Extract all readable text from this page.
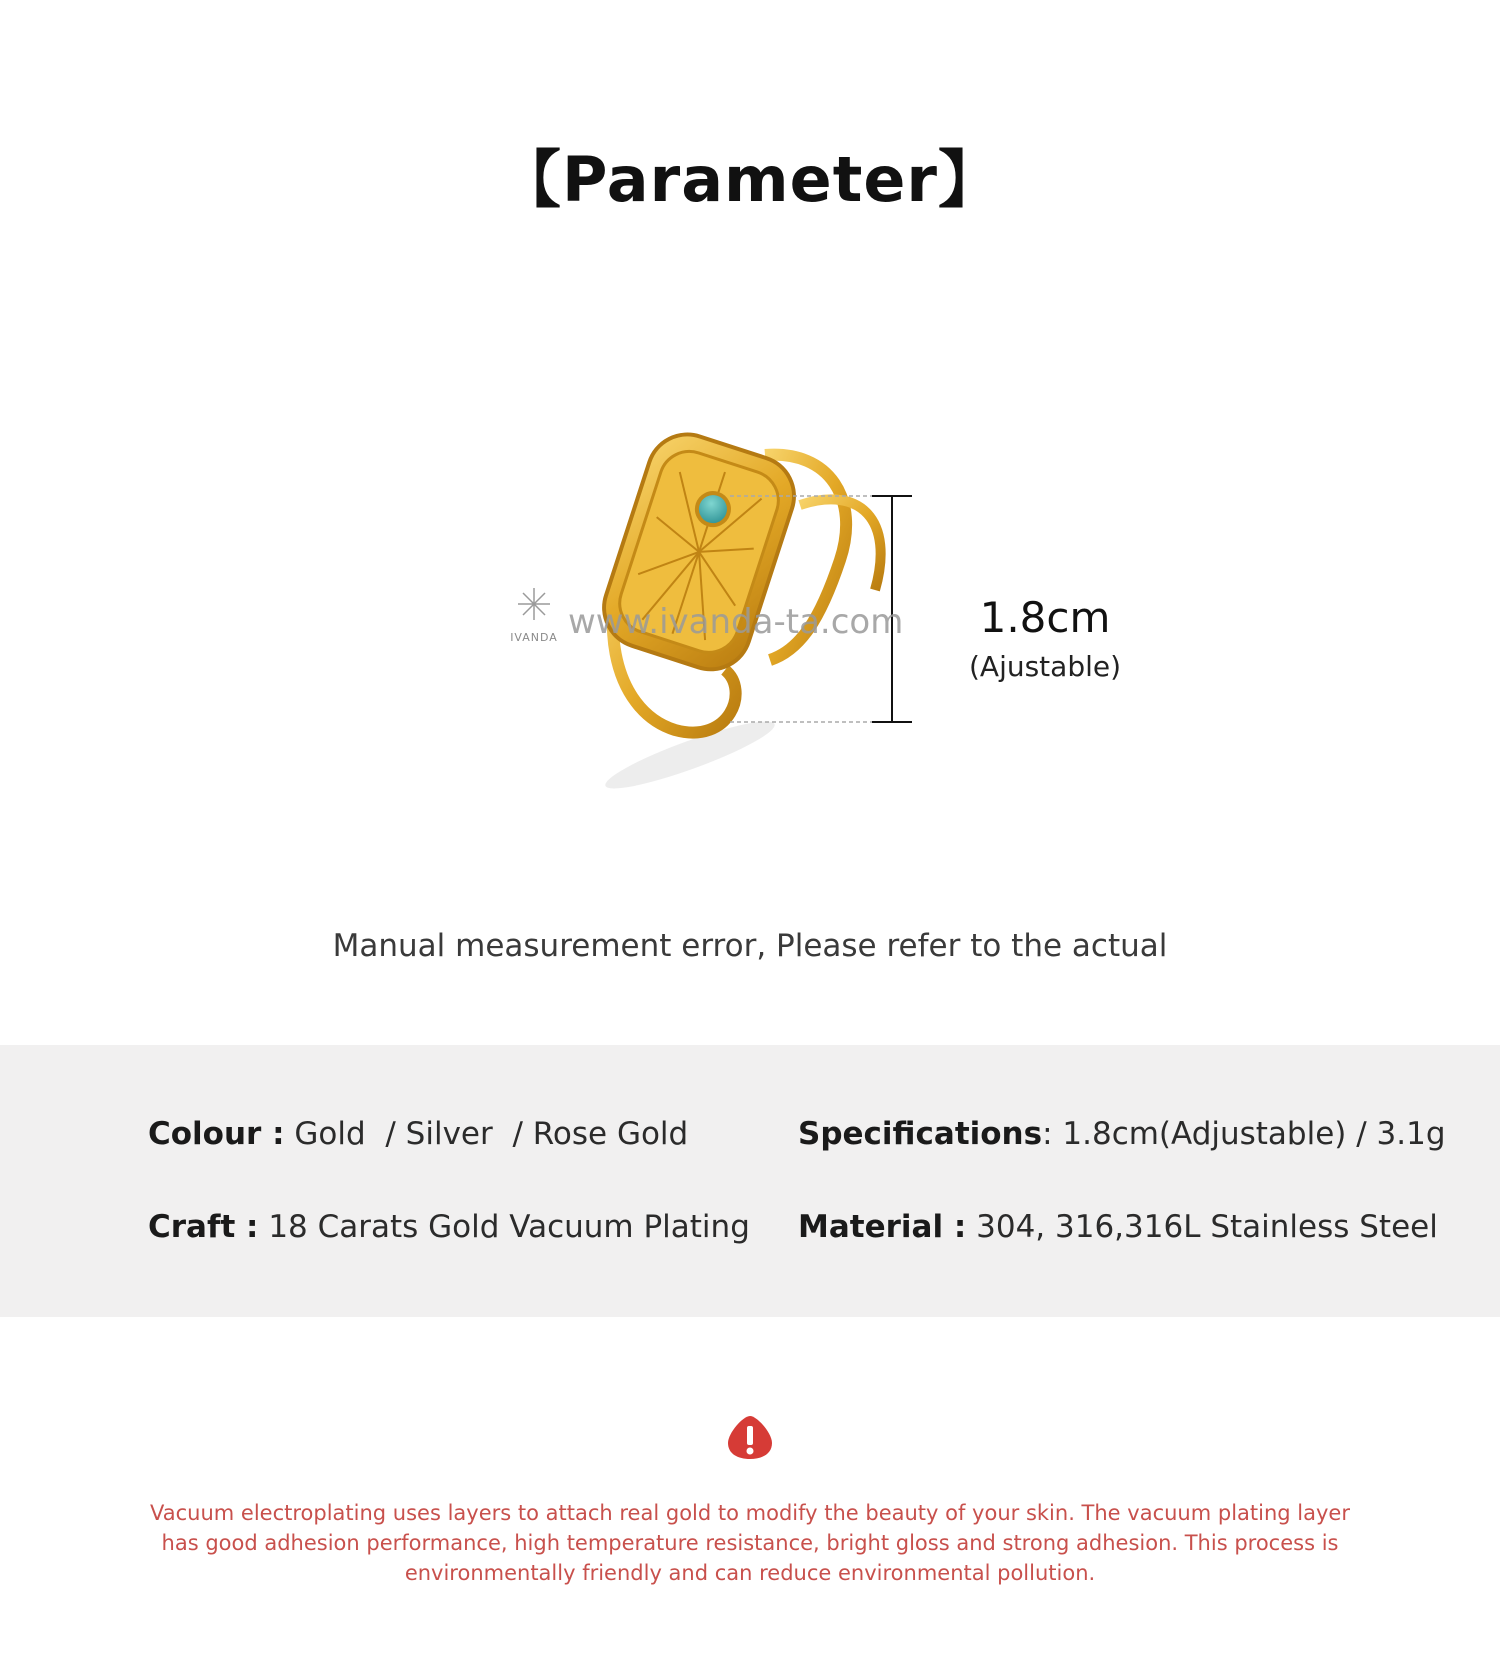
【Parameter】
IVANDA www.ivanda-ta.com	1.8cm
(Ajustable)
Manual measurement error, Please refer to the actual
Colour : Gold  / Silver  / Rose Gold	Specifications: 1.8cm(Adjustable) / 3.1g
Craft : 18 Carats Gold Vacuum Plating Material : 304, 316,316L Stainless Steel
Vacuum electroplating uses layers to attach real gold to modify the beauty of your skin. The vacuum plating layer has good adhesion performance, high temperature resistance, bright gloss and strong adhesion. This process is environmentally friendly and can reduce environmental pollution.
